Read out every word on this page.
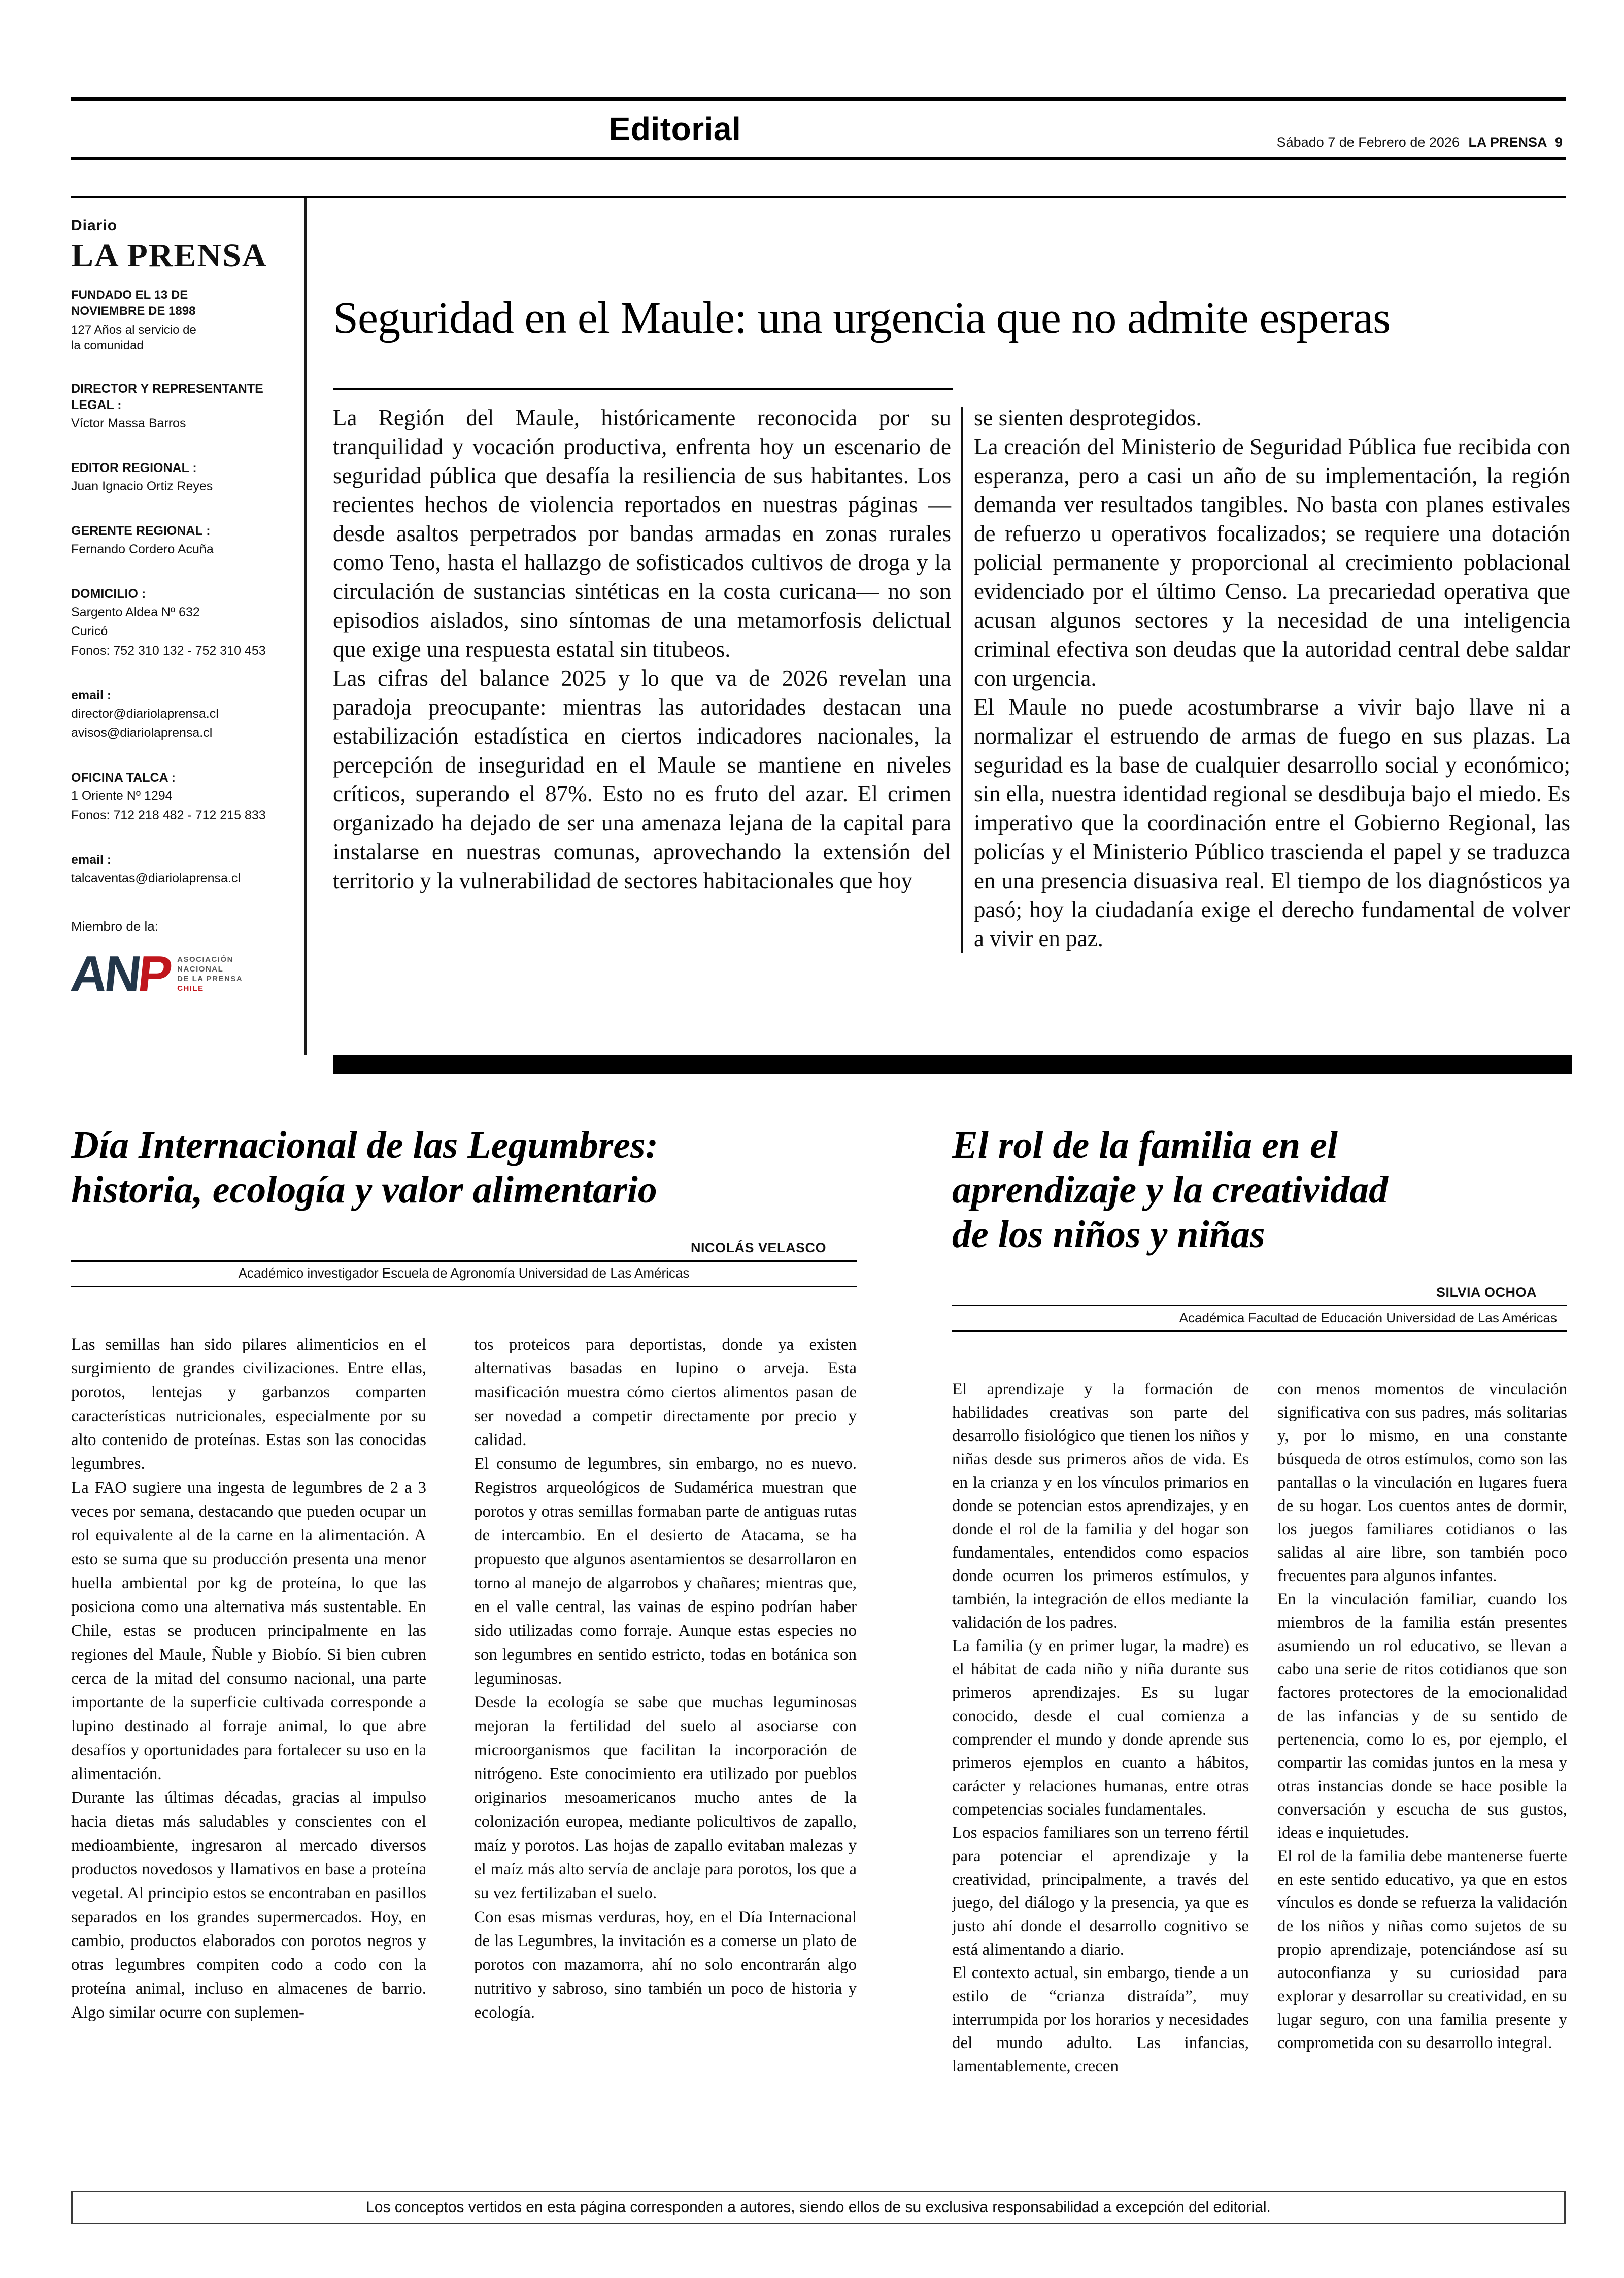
Editorial	Sábado 7 de Febrero de 2026 LA PRENSA 9
Diario
LA PRENSA
FUNDADO EL 13 DE NOVIEMBRE DE 1898
127 Años al servicio de la comunidad
DIRECTOR Y REPRESENTANTE LEGAL :
Víctor Massa Barros
EDITOR REGIONAL :
Juan Ignacio Ortiz Reyes
GERENTE REGIONAL :
Fernando Cordero Acuña
DOMICILIO :
Sargento Aldea Nº 632
Curicó
Fonos: 752 310 132 - 752 310 453
email :
director@diariolaprensa.cl
avisos@diariolaprensa.cl
OFICINA TALCA :
1 Oriente Nº 1294
Fonos: 712 218 482 - 712 215 833
email :
talcaventas@diariolaprensa.cl
Miembro de la:
A
N
P ASOCIACIÓN
NACIONAL
DE LA PRENSA
CHILE
Seguridad en el Maule: una urgencia que no admite esperas

La Región del Maule, históricamente reconocida por su tranquilidad y vocación productiva, enfrenta hoy un escenario de seguridad pública que desafía la resiliencia de sus habitantes. Los recientes hechos de violencia reportados en nuestras páginas —desde asaltos perpetrados por bandas armadas en zonas rurales como Teno, hasta el hallazgo de sofisticados cultivos de droga y la circulación de sustancias sintéticas en la costa curicana— no son episodios aislados, sino síntomas de una metamorfosis delictual que exige una respuesta estatal sin titubeos.

Las cifras del balance 2025 y lo que va de 2026 revelan una paradoja preocupante: mientras las autoridades destacan una estabilización estadística en ciertos indicadores nacionales, la percepción de inseguridad en el Maule se mantiene en niveles críticos, superando el 87%. Esto no es fruto del azar. El crimen organizado ha dejado de ser una amenaza lejana de la capital para instalarse en nuestras comunas, aprovechando la extensión del territorio y la vulnerabilidad de sectores habitacionales que hoy

se sienten desprotegidos.

La creación del Ministerio de Seguridad Pública fue recibida con esperanza, pero a casi un año de su implementación, la región demanda ver resultados tangibles. No basta con planes estivales de refuerzo u operativos focalizados; se requiere una dotación policial permanente y proporcional al crecimiento poblacional evidenciado por el último Censo. La precariedad operativa que acusan algunos sectores y la necesidad de una inteligencia criminal efectiva son deudas que la autoridad central debe saldar con urgencia.

El Maule no puede acostumbrarse a vivir bajo llave ni a normalizar el estruendo de armas de fuego en sus plazas. La seguridad es la base de cualquier desarrollo social y económico; sin ella, nuestra identidad regional se desdibuja bajo el miedo. Es imperativo que la coordinación entre el Gobierno Regional, las policías y el Ministerio Público trascienda el papel y se traduzca en una presencia disuasiva real. El tiempo de los diagnósticos ya pasó; hoy la ciudadanía exige el derecho fundamental de volver a vivir en paz.

Día Internacional de las Legumbres:
historia, ecología y valor alimentario
NICOLÁS VELASCO
Académico investigador Escuela de Agronomía Universidad de Las Américas

Las semillas han sido pilares alimenticios en el surgimiento de grandes civilizaciones. Entre ellas, porotos, lentejas y garbanzos comparten características nutricionales, especialmente por su alto contenido de proteínas. Estas son las conocidas legumbres.

La FAO sugiere una ingesta de legumbres de 2 a 3 veces por semana, destacando que pueden ocupar un rol equivalente al de la carne en la alimentación. A esto se suma que su producción presenta una menor huella ambiental por kg de proteína, lo que las posiciona como una alternativa más sustentable. En Chile, estas se producen principalmente en las regiones del Maule, Ñuble y Biobío. Si bien cubren cerca de la mitad del consumo nacional, una parte importante de la superficie cultivada corresponde a lupino destinado al forraje animal, lo que abre desafíos y oportunidades para fortalecer su uso en la alimentación.

Durante las últimas décadas, gracias al impulso hacia dietas más saludables y conscientes con el medioambiente, ingresaron al mercado diversos productos novedosos y llamativos en base a proteína vegetal. Al principio estos se encontraban en pasillos separados en los grandes supermercados. Hoy, en cambio, productos elaborados con porotos negros y otras legumbres compiten codo a codo con la proteína animal, incluso en almacenes de barrio. Algo similar ocurre con suplemen-

tos proteicos para deportistas, donde ya existen alternativas basadas en lupino o arveja. Esta masificación muestra cómo ciertos alimentos pasan de ser novedad a competir directamente por precio y calidad.

El consumo de legumbres, sin embargo, no es nuevo. Registros arqueológicos de Sudamérica muestran que porotos y otras semillas formaban parte de antiguas rutas de intercambio. En el desierto de Atacama, se ha propuesto que algunos asentamientos se desarrollaron en torno al manejo de algarrobos y chañares; mientras que, en el valle central, las vainas de espino podrían haber sido utilizadas como forraje. Aunque estas especies no son legumbres en sentido estricto, todas en botánica son leguminosas.

Desde la ecología se sabe que muchas leguminosas mejoran la fertilidad del suelo al asociarse con microorganismos que facilitan la incorporación de nitrógeno. Este conocimiento era utilizado por pueblos originarios mesoamericanos mucho antes de la colonización europea, mediante policultivos de zapallo, maíz y porotos. Las hojas de zapallo evitaban malezas y el maíz más alto servía de anclaje para porotos, los que a su vez fertilizaban el suelo.

Con esas mismas verduras, hoy, en el Día Internacional de las Legumbres, la invitación es a comerse un plato de porotos con mazamorra, ahí no solo encontrarán algo nutritivo y sabroso, sino también un poco de historia y ecología.

El rol de la familia en el
aprendizaje y la creatividad
de los niños y niñas
SILVIA OCHOA
Académica Facultad de Educación Universidad de Las Américas

El aprendizaje y la formación de habilidades creativas son parte del desarrollo fisiológico que tienen los niños y niñas desde sus primeros años de vida. Es en la crianza y en los vínculos primarios en donde se potencian estos aprendizajes, y en donde el rol de la familia y del hogar son fundamentales, entendidos como espacios donde ocurren los primeros estímulos, y también, la integración de ellos mediante la validación de los padres.

La familia (y en primer lugar, la madre) es el hábitat de cada niño y niña durante sus primeros aprendizajes. Es su lugar conocido, desde el cual comienza a comprender el mundo y donde aprende sus primeros ejemplos en cuanto a hábitos, carácter y relaciones humanas, entre otras competencias sociales fundamentales.

Los espacios familiares son un terreno fértil para potenciar el aprendizaje y la creatividad, principalmente, a través del juego, del diálogo y la presencia, ya que es justo ahí donde el desarrollo cognitivo se está alimentando a diario.

El contexto actual, sin embargo, tiende a un estilo de “crianza distraída”, muy interrumpida por los horarios y necesidades del mundo adulto. Las infancias, lamentablemente, crecen

con menos momentos de vinculación significativa con sus padres, más solitarias y, por lo mismo, en una constante búsqueda de otros estímulos, como son las pantallas o la vinculación en lugares fuera de su hogar. Los cuentos antes de dormir, los juegos familiares cotidianos o las salidas al aire libre, son también poco frecuentes para algunos infantes.

En la vinculación familiar, cuando los miembros de la familia están presentes asumiendo un rol educativo, se llevan a cabo una serie de ritos cotidianos que son factores protectores de la emocionalidad de las infancias y de su sentido de pertenencia, como lo es, por ejemplo, el compartir las comidas juntos en la mesa y otras instancias donde se hace posible la conversación y escucha de sus gustos, ideas e inquietudes.

El rol de la familia debe mantenerse fuerte en este sentido educativo, ya que en estos vínculos es donde se refuerza la validación de los niños y niñas como sujetos de su propio aprendizaje, potenciándose así su autoconfianza y su curiosidad para explorar y desarrollar su creatividad, en su lugar seguro, con una familia presente y comprometida con su desarrollo integral.

Los conceptos vertidos en esta página corresponden a autores, siendo ellos de su exclusiva responsabilidad a excepción del editorial.
